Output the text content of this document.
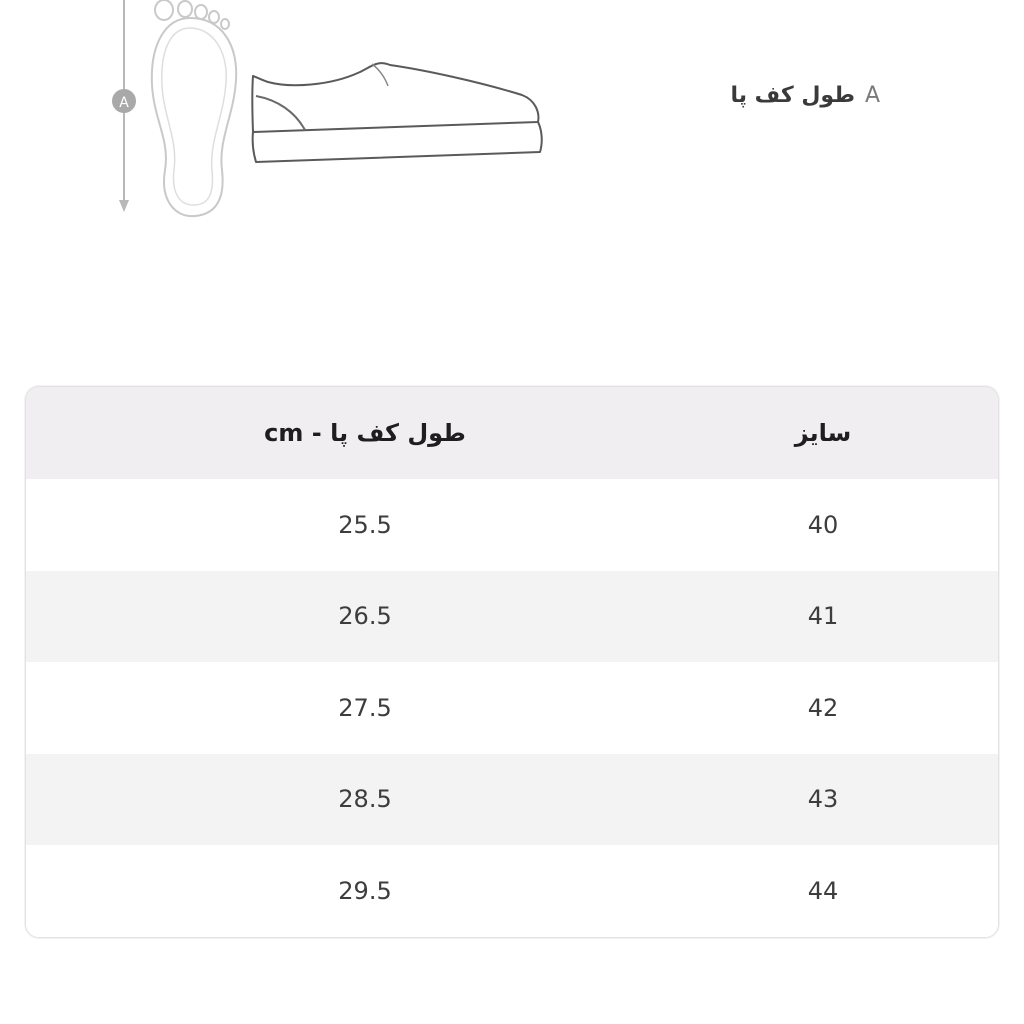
A	طول کف پا A
طول کف پا - cm	سایز
25.5	40
26.5	41
27.5	42
28.5	43
29.5	44
